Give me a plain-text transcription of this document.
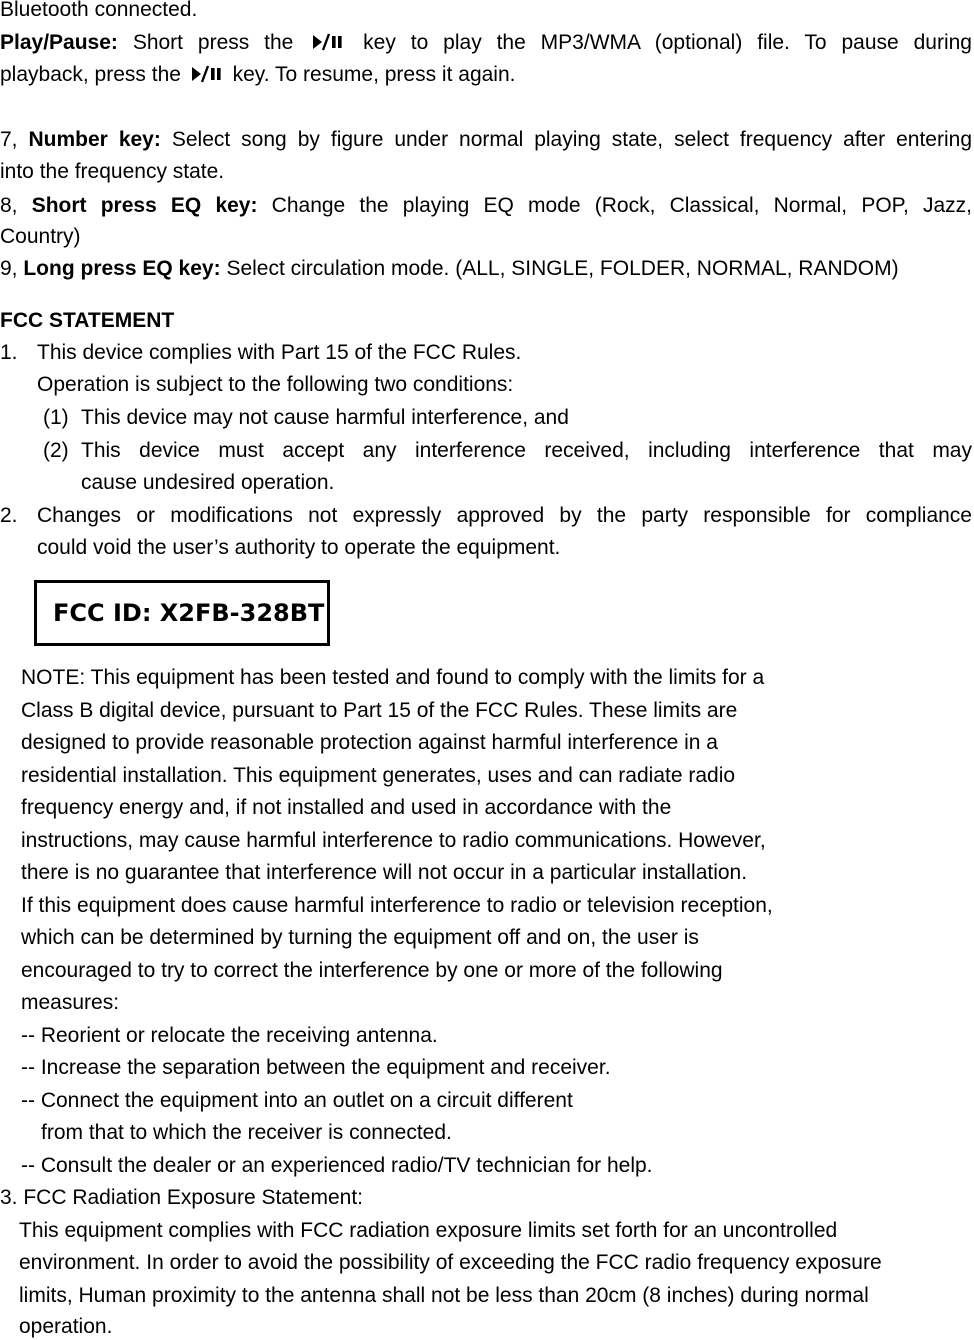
Bluetooth connected.
Play/Pause: Short press the	key to play the MP3/WMA (optional) file. To pause during
playback, press the key. To resume, press it again.
7, Number key: Select song by figure under normal playing state, select frequency after entering
into the frequency state.
8, Short press EQ key: Change the playing EQ mode (Rock, Classical, Normal, POP, Jazz,
Country)
9, Long press EQ key: Select circulation mode. (ALL, SINGLE, FOLDER, NORMAL, RANDOM)
FCC STATEMENT
1. This device complies with Part 15 of the FCC Rules.
Operation is subject to the following two conditions:
(1) This device may not cause harmful interference, and
(2) This device must accept any interference received, including interference that may
cause undesired operation.
2. Changes or modifications not expressly approved by the party responsible for compliance
could void the user’s authority to operate the equipment.
FCC ID: X2FB-328BT
NOTE: This equipment has been tested and found to comply with the limits for a
Class B digital device, pursuant to Part 15 of the FCC Rules. These limits are
designed to provide reasonable protection against harmful interference in a
residential installation. This equipment generates, uses and can radiate radio
frequency energy and, if not installed and used in accordance with the
instructions, may cause harmful interference to radio communications. However,
there is no guarantee that interference will not occur in a particular installation.
If this equipment does cause harmful interference to radio or television reception,
which can be determined by turning the equipment off and on, the user is
encouraged to try to correct the interference by one or more of the following
measures:
-- Reorient or relocate the receiving antenna.
-- Increase the separation between the equipment and receiver.
-- Connect the equipment into an outlet on a circuit different
from that to which the receiver is connected.
-- Consult the dealer or an experienced radio/TV technician for help.
3. FCC Radiation Exposure Statement:
This equipment complies with FCC radiation exposure limits set forth for an uncontrolled
environment. In order to avoid the possibility of exceeding the FCC radio frequency exposure
limits, Human proximity to the antenna shall not be less than 20cm (8 inches) during normal
operation.
